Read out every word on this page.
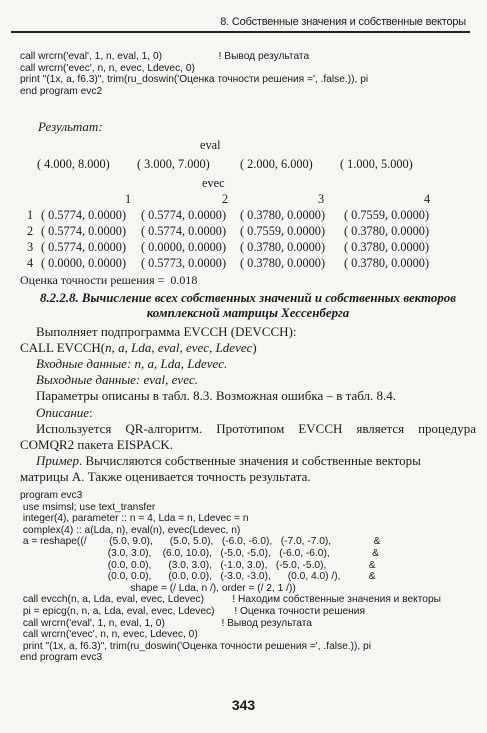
8. Собственные значения и собственные векторы
call wrcrn('eval', 1, n, eval, 1, 0)                    ! Вывод результата
call wrcrn('evec', n, n, evec, Ldevec, 0)
print "(1x, a, f6.3)", trim(ru_doswin('Оценка точности решения =', .false.)), pi
end program evc2
Результат:
eval
( 4.000, 8.000) ( 3.000, 7.000) ( 2.000, 6.000) ( 1.000, 5.000)
evec
1	2	3	4
1 ( 0.5774, 0.0000) ( 0.5774, 0.0000) ( 0.3780, 0.0000) ( 0.7559, 0.0000)
2 ( 0.5774, 0.0000) ( 0.5774, 0.0000) ( 0.7559, 0.0000) ( 0.3780, 0.0000)
3 ( 0.5774, 0.0000) ( 0.0000, 0.0000) ( 0.3780, 0.0000) ( 0.3780, 0.0000)
4 ( 0.0000, 0.0000) ( 0.5773, 0.0000) ( 0.3780, 0.0000) ( 0.3780, 0.0000)
Оценка точности решения =  0.018
8.2.2.8. Вычисление всех собственных значений и собственных векторов
комплексной матрицы Хессенберга
Выполняет подпрограмма EVCCH (DEVCCH):
CALL EVCCH(n, a, Lda, eval, evec, Ldevec)
Входные данные: n, a, Lda, Ldevec.
Выходные данные: eval, evec.
Параметры описаны в табл. 8.3. Возможная ошибка – в табл. 8.4.
Описание:
Используется QR-алгоритм. Прототипом EVCCH является процедура
COMQR2 пакета EISPACK.
Пример. Вычисляются собственные значения и собственные векторы
матрицы A. Также оценивается точность результата.
program evc3
use msimsl; use text_transfer
integer(4), parameter :: n = 4, Lda = n, Ldevec = n
complex(4) :: a(Lda, n), eval(n), evec(Ldevec, n)
a = reshape((/        (5.0, 9.0),      (5.0, 5.0),   (-6.0, -6.0),   (-7.0, -7.0),               &
(3.0, 3.0),    (6.0, 10.0),   (-5.0, -5.0),   (-6.0, -6.0),               &
(0.0, 0.0),      (3.0, 3.0),   (-1.0, 3.0),   (-5.0, -5.0),               &
(0.0, 0.0),      (0.0, 0.0),   (-3.0, -3.0),      (0.0, 4.0) /),          &
shape = (/ Lda, n /), order = (/ 2, 1 /))
call evcch(n, a, Lda, eval, evec, Ldevec)          ! Находим собственные значения и векторы
pi = epicg(n, n, a, Lda, eval, evec, Ldevec)       ! Оценка точности решения
call wrcrn('eval', 1, n, eval, 1, 0)                    ! Вывод результата
call wrcrn('evec', n, n, evec, Ldevec, 0)
print "(1x, a, f6.3)", trim(ru_doswin('Оценка точности решения =', .false.)), pi
end program evc3
343
